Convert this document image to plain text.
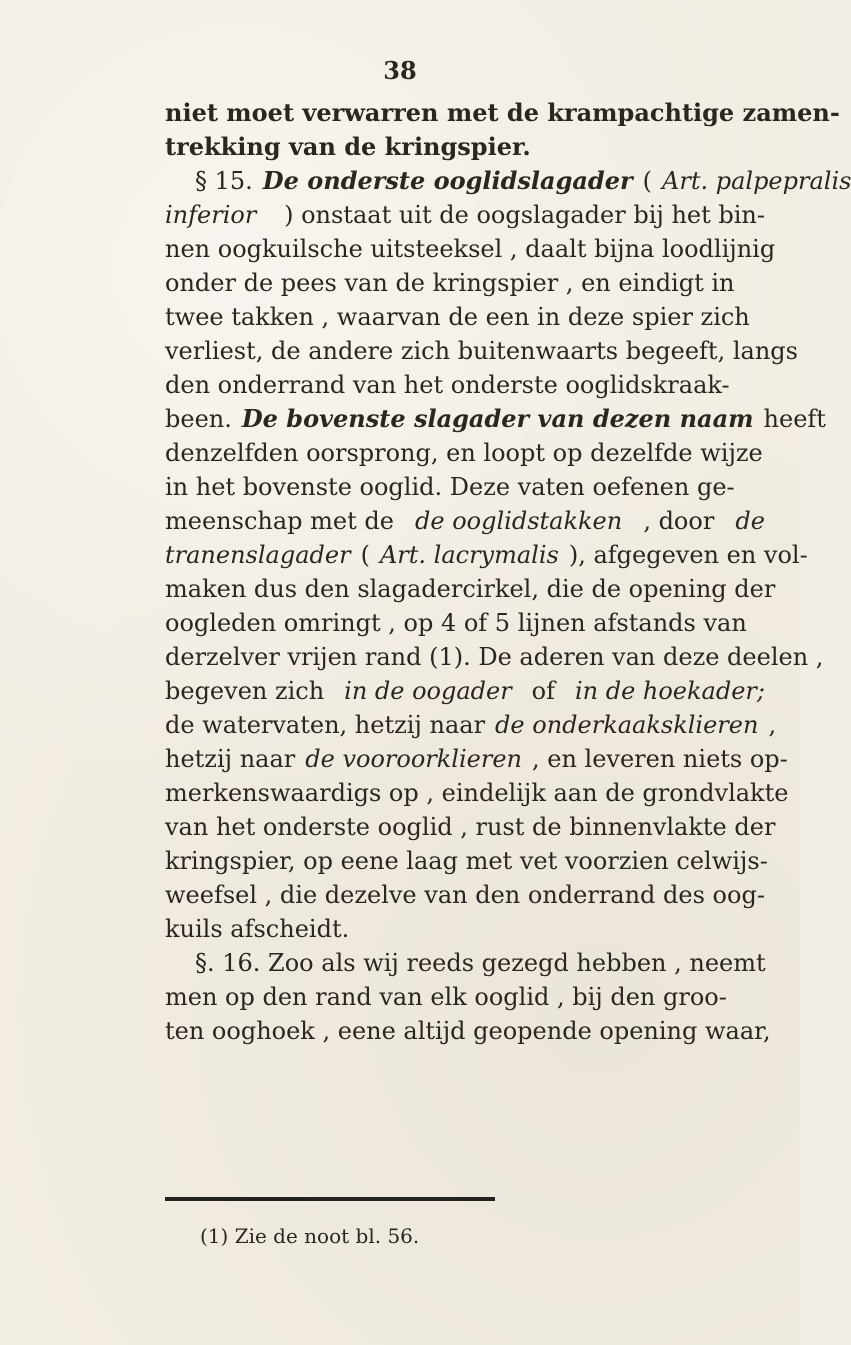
38
niet moet verwarren met de krampachtige zamen-
trekking van de kringspier.
§ 15. De onderste ooglidslagader ( Art. palpepralis
inferior ) onstaat uit de oogslagader bij het bin-
nen oogkuilsche uitsteeksel , daalt bijna loodlijnig
onder de pees van de kringspier , en eindigt in
twee takken , waarvan de een in deze spier zich
verliest, de andere zich buitenwaarts begeeft, langs
den onderrand van het onderste ooglidskraak-
been. De bovenste slagader van dezen naam heeft
denzelfden oorsprong, en loopt op dezelfde wijze
in het bovenste ooglid. Deze vaten oefenen ge-
meenschap met de de ooglidstakken , door de
tranenslagader ( Art. lacrymalis ), afgegeven en vol-
maken dus den slagadercirkel, die de opening der
oogleden omringt , op 4 of 5 lijnen afstands van
derzelver vrijen rand (1). De aderen van deze deelen ,
begeven zich in de oogader of in de hoekader;
de watervaten, hetzij naar de onderkaaksklieren ,
hetzij naar de vooroorklieren , en leveren niets op-
merkenswaardigs op , eindelijk aan de grondvlakte
van het onderste ooglid , rust de binnenvlakte der
kringspier, op eene laag met vet voorzien celwijs-
weefsel , die dezelve van den onderrand des oog-
kuils afscheidt.
§. 16. Zoo als wij reeds gezegd hebben , neemt
men op den rand van elk ooglid , bij den groo-
ten ooghoek , eene altijd geopende opening waar,
(1) Zie de noot bl. 56.
